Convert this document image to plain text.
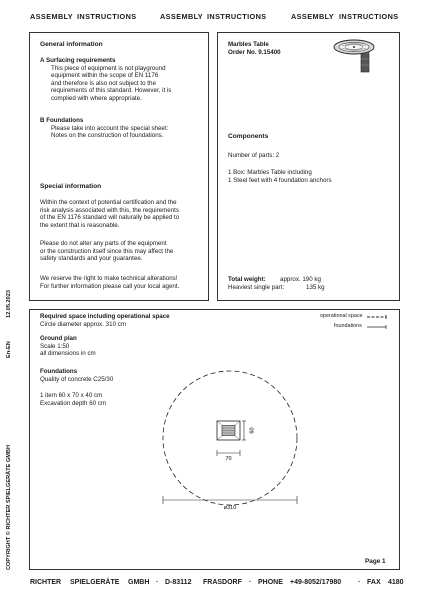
ASSEMBLY INSTRUCTIONS	ASSEMBLY INSTRUCTIONS	ASSEMBLY INSTRUCTIONS
12.05.2023
En-EN
COPYRIGHT © RICHTER SPIELGERÄTE GMBH
General information
A Surfacing requirements
This piece of equipment is not playground
equipment within the scope of EN 1176
and therefore is also not subject to the
requirements of this standard. However, it is
complied with where appropriate.
B Foundations
Please take into account the special sheet:
Notes on the construction of foundations.
Special information
Within the context of potential certification and the
risk analysis associated with this, the requirements
of the EN 1176 standard will naturally be applied to
the extent that is reasonable.
Please do not alter any parts of the equipment
or the construction itself since this may affect the
safety standards and your guarantee.
We reserve the right to make technical alterations!
For further information please call your local agent.
Marbles Table
Order No. 9.15400
Components
Number of parts: 2
1 Box: Marbles Table including
1 Steel feet with 4 foundation anchors
Total weight: approx. 190 kg
Heaviest single part:	135 kg
Required space including operational space
Circle diameter approx. 310 cm
Ground plan
Scale 1:50
all dimensions in cm
Foundations
Quality of concrete C25/30
1 item 60 x 70 x 40 cm
Excavation depth 60 cm
operational space
foundations
60
70
ø310
Page 1
RICHTER SPIELGERÄTE GMBH · D-83112 FRASDORF · PHONE +49-8052/17980 · FAX 4180
